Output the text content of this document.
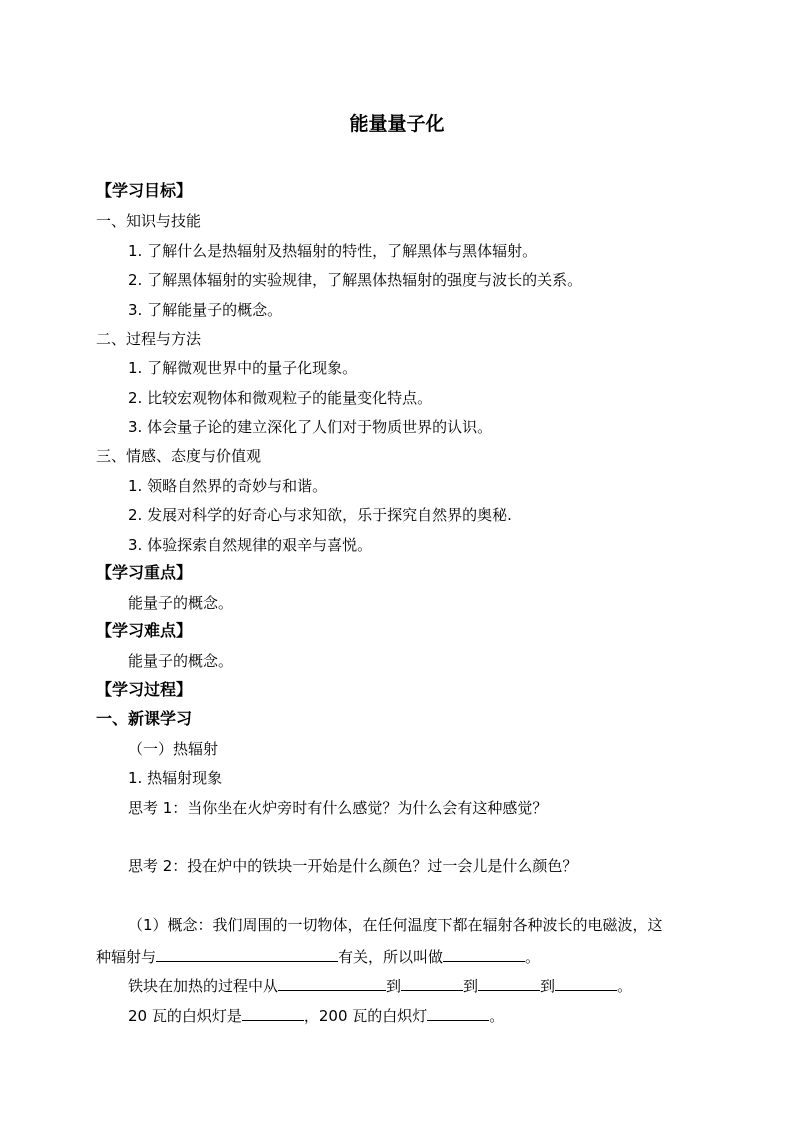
能量量子化
【学习目标】
一、知识与技能
1. 了解什么是热辐射及热辐射的特性，了解黑体与黑体辐射。
2. 了解黑体辐射的实验规律，了解黑体热辐射的强度与波长的关系。
3. 了解能量子的概念。
二、过程与方法
1. 了解微观世界中的量子化现象。
2. 比较宏观物体和微观粒子的能量变化特点。
3. 体会量子论的建立深化了人们对于物质世界的认识。
三、情感、态度与价值观
1. 领略自然界的奇妙与和谐。
2. 发展对科学的好奇心与求知欲，乐于探究自然界的奥秘.
3. 体验探索自然规律的艰辛与喜悦。
【学习重点】
能量子的概念。
【学习难点】
能量子的概念。
【学习过程】
一、新课学习
（一）热辐射
1. 热辐射现象
思考 1：当你坐在火炉旁时有什么感觉？为什么会有这种感觉？
思考 2：投在炉中的铁块一开始是什么颜色？过一会儿是什么颜色？
（1）概念：我们周围的一切物体，在任何温度下都在辐射各种波长的电磁波，这
种辐射与	有关，所以叫做	。
铁块在加热的过程中从	到	到	到	。
20 瓦的白炽灯是	，200 瓦的白炽灯	。
